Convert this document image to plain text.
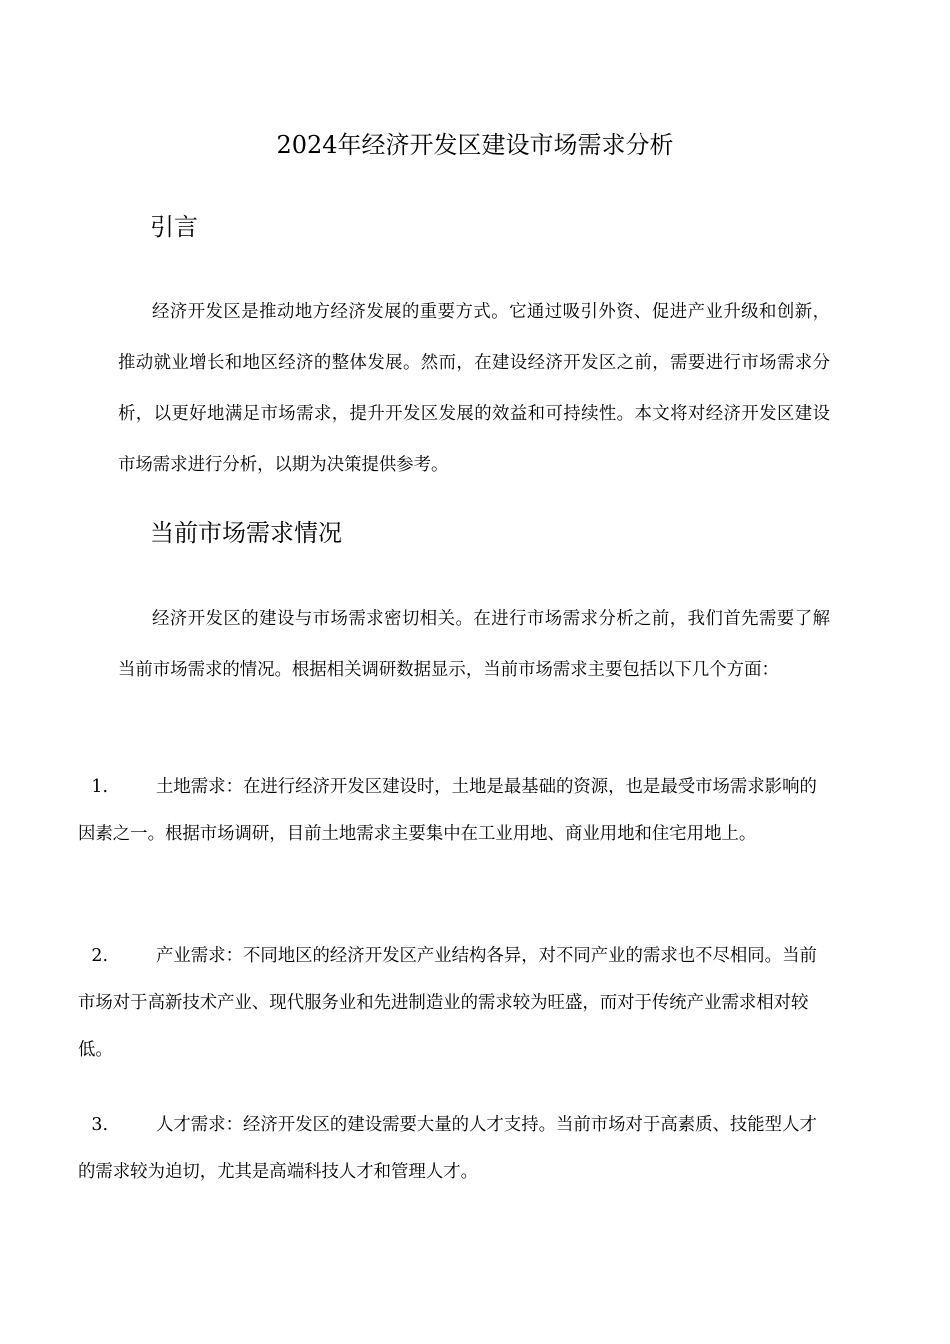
2024年经济开发区建设市场需求分析
引言

经济开发区是推动地方经济发展的重要方式。它通过吸引外资、促进产业升级和创新，推动就业增长和地区经济的整体发展。然而，在建设经济开发区之前，需要进行市场需求分析，以更好地满足市场需求，提升开发区发展的效益和可持续性。本文将对经济开发区建设市场需求进行分析，以期为决策提供参考。

当前市场需求情况

经济开发区的建设与市场需求密切相关。在进行市场需求分析之前，我们首先需要了解当前市场需求的情况。根据相关调研数据显示，当前市场需求主要包括以下几个方面：

1.	土地需求：在进行经济开发区建设时，土地是最基础的资源，也是最受市场需求影响的因素之一。根据市场调研，目前土地需求主要集中在工业用地、商业用地和住宅用地上。
2.	产业需求：不同地区的经济开发区产业结构各异，对不同产业的需求也不尽相同。当前市场对于高新技术产业、现代服务业和先进制造业的需求较为旺盛，而对于传统产业需求相对较低。
3.	人才需求：经济开发区的建设需要大量的人才支持。当前市场对于高素质、技能型人才的需求较为迫切，尤其是高端科技人才和管理人才。
